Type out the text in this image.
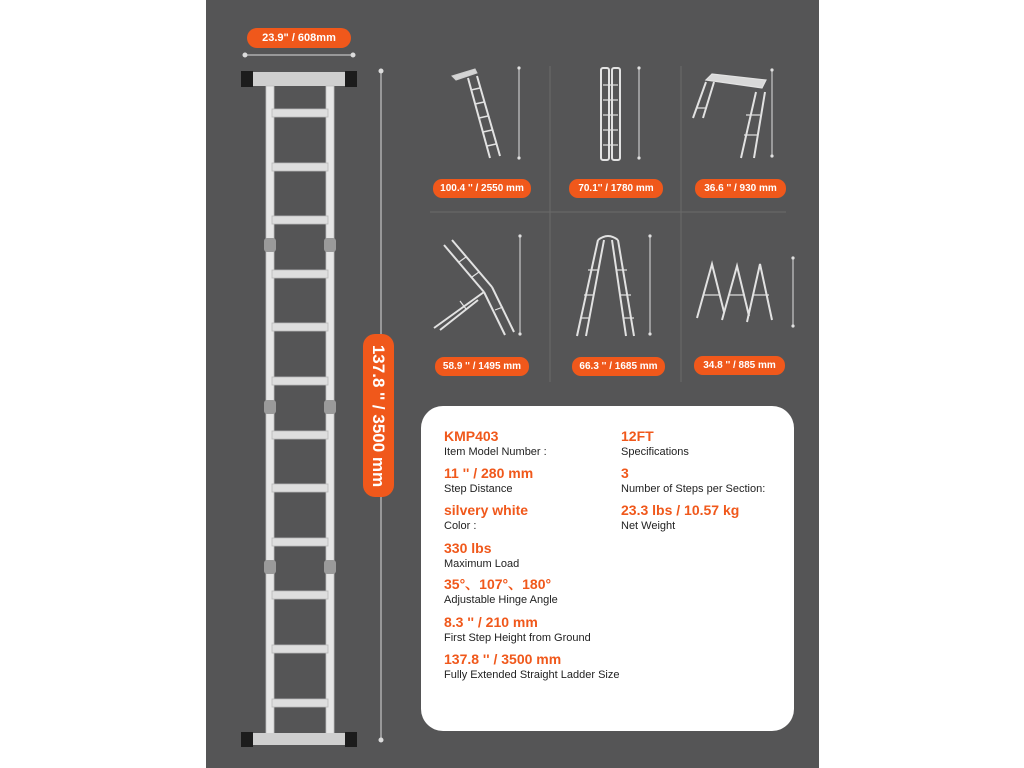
23.9" / 608mm
137.8 '' / 3500 mm
100.4 '' / 2550 mm	70.1'' / 1780 mm	36.6 '' / 930 mm
58.9 '' / 1495 mm	66.3 '' / 1685 mm	34.8 '' / 885 mm
KMP403
Item Model Number :
11 '' / 280 mm
Step Distance
silvery white
Color :
330 lbs
Maximum Load
35°、107°、180°
Adjustable Hinge Angle
8.3 '' / 210 mm
First Step Height from Ground
137.8 '' / 3500 mm
Fully Extended Straight Ladder Size
12FT
Specifications
3
Number of Steps per Section:
23.3 lbs / 10.57 kg
Net Weight
